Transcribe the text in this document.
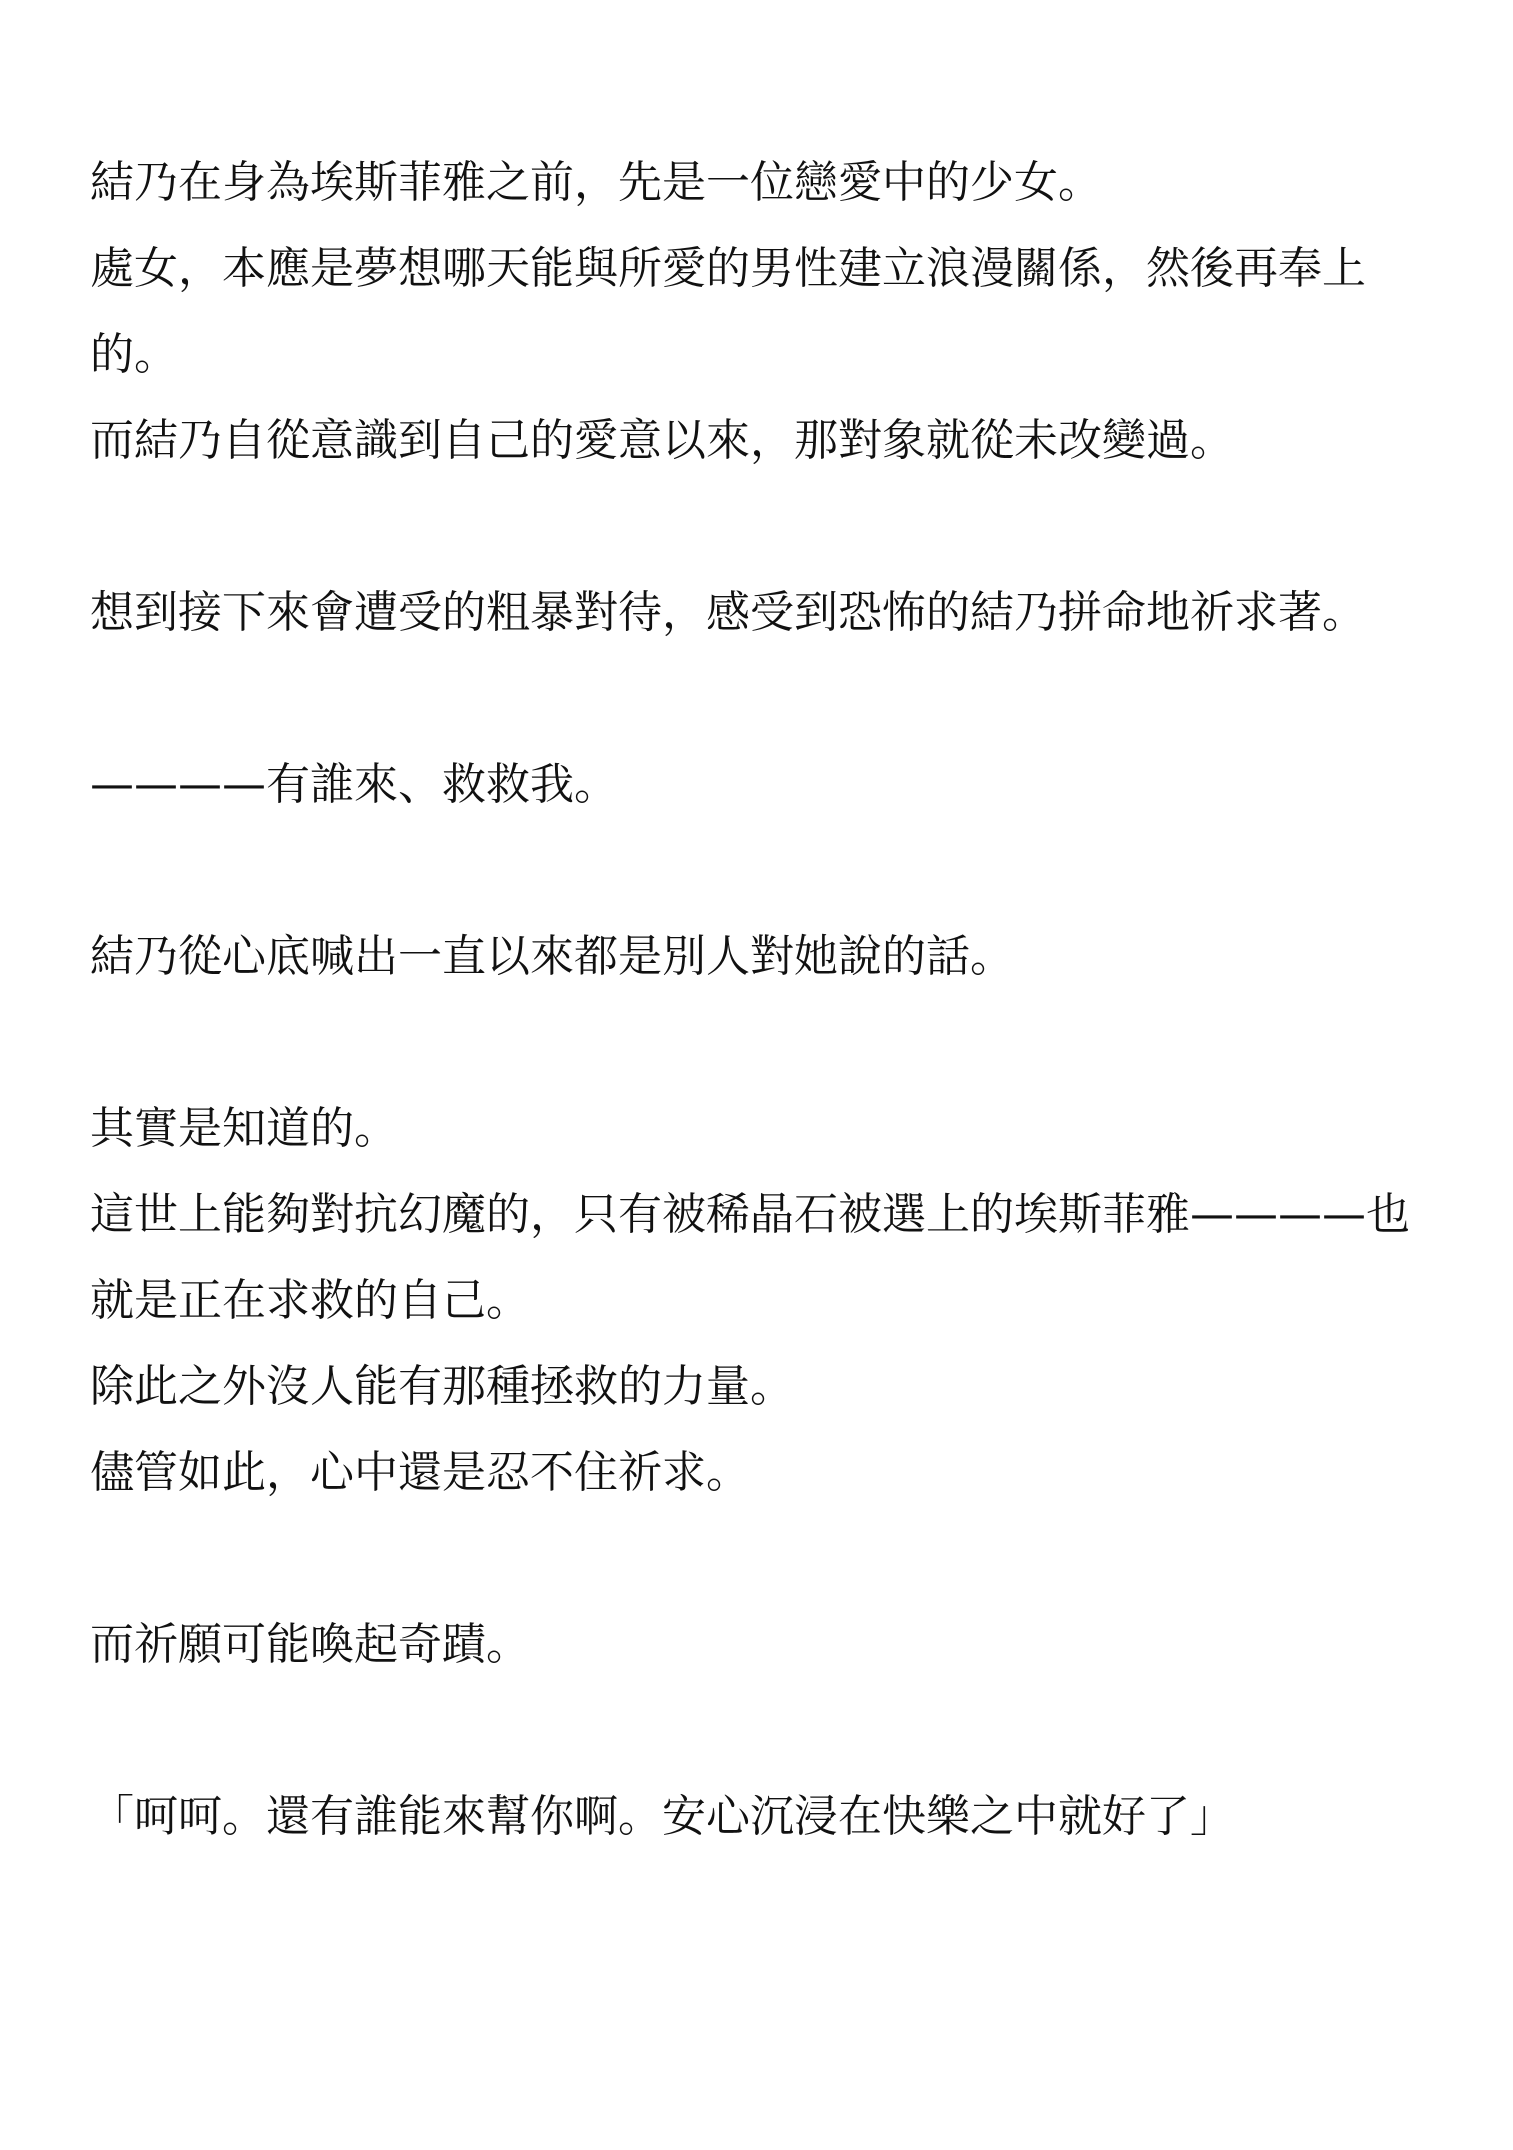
結乃在身為埃斯菲雅之前，先是一位戀愛中的少女。

處女，本應是夢想哪天能與所愛的男性建立浪漫關係，然後再奉上的。

而結乃自從意識到自己的愛意以來，那對象就從未改變過。

想到接下來會遭受的粗暴對待，感受到恐怖的結乃拼命地祈求著。

————有誰來、救救我。

結乃從心底喊出一直以來都是別人對她說的話。

其實是知道的。

這世上能夠對抗幻魔的，只有被稀晶石被選上的埃斯菲雅————也就是正在求救的自己。

除此之外沒人能有那種拯救的力量。

儘管如此，心中還是忍不住祈求。

而祈願可能喚起奇蹟。

「呵呵。還有誰能來幫你啊。安心沉浸在快樂之中就好了」
